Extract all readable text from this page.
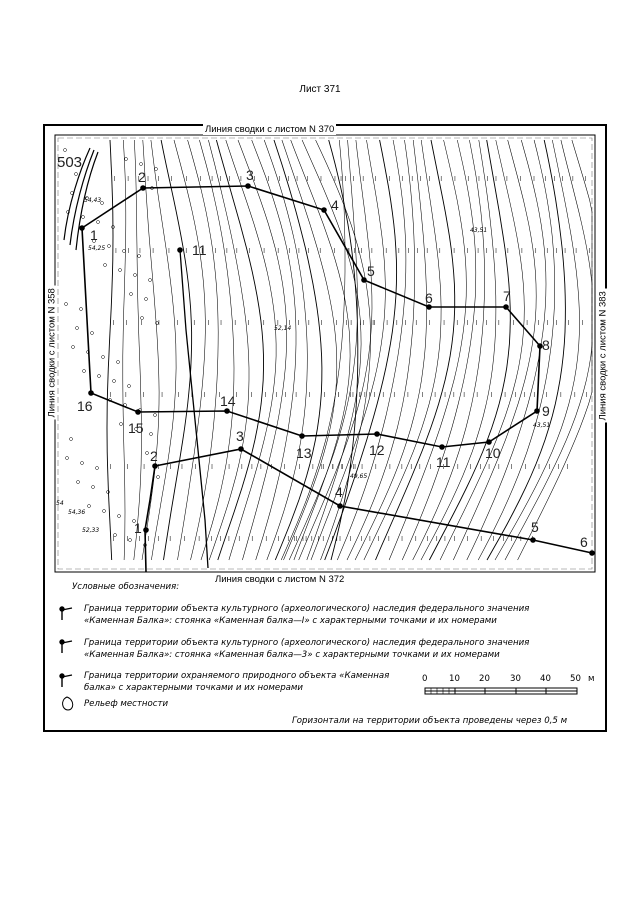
Лист 371
1
2	3
4
5
6	7
8
9
10
11
12
13
14
15
16
1
2
3
4
5
6
11
503
54,43
54,25
52,14
49,65
43,51
43,51
54,36
52,33
54
Линия сводки с листом N 370
Линия сводки с листом N 372
Линия сводки с листом N 358	Линия сводки с листом N 383
Условные обозначения:
Граница территории объекта культурного (археологического) наследия федерального значения
«Каменная Балка»: стоянка «Каменная балка—I» с характерными точками и их номерами
Граница территории объекта культурного (археологического) наследия федерального значения
«Каменная Балка»: стоянка «Каменная балка—3» с характерными точками и их номерами
Граница территории охраняемого природного объекта «Каменная
балка» с характерными точками и их номерами
Рельеф местности
0	10 20 30 40 50 м
Горизонтали на территории объекта проведены через 0,5 м
